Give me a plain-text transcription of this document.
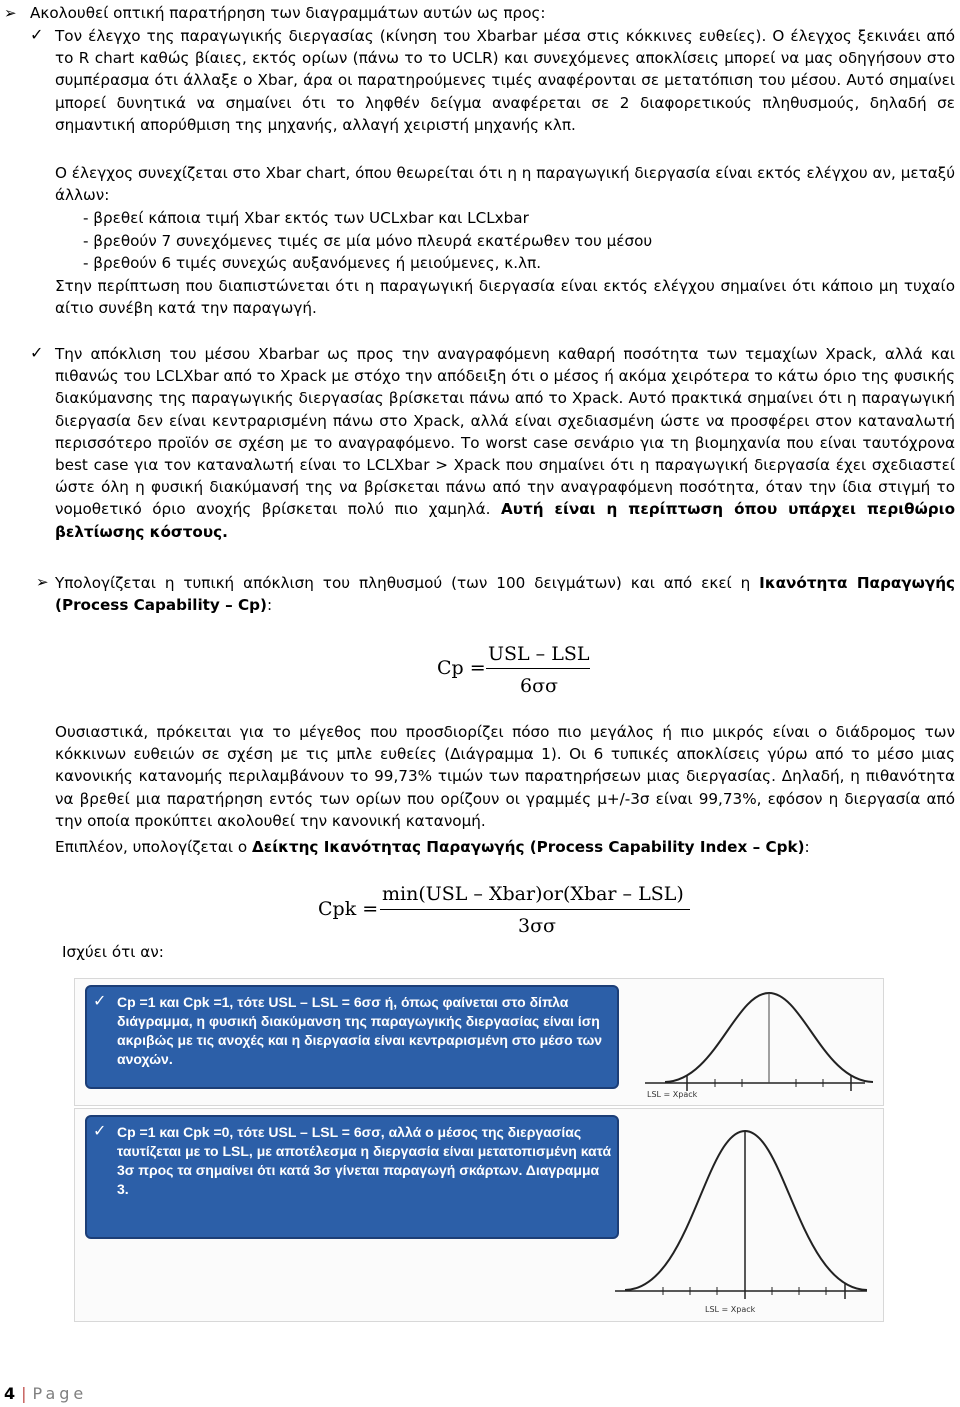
➢ Ακολουθεί οπτική παρατήρηση των διαγραμμάτων αυτών ως προς:

✓ Τον έλεγχο της παραγωγικής διεργασίας (κίνηση του Xbarbar μέσα στις κόκκινες ευθείες). Ο έλεγχος ξεκινάει από το R chart καθώς βίαιες, εκτός ορίων (πάνω το το UCLR) και συνεχόμενες αποκλίσεις μπορεί να μας οδηγήσουν στο συμπέρασμα ότι άλλαξε ο Xbar, άρα οι παρατηρούμενες τιμές αναφέρονται σε μετατόπιση του μέσου. Αυτό σημαίνει μπορεί δυνητικά να σημαίνει ότι το ληφθέν δείγμα αναφέρεται σε 2 διαφορετικούς πληθυσμούς, δηλαδή σε σημαντική απορύθμιση της μηχανής, αλλαγή χειριστή μηχανής κλπ.

Ο έλεγχος συνεχίζεται στο Xbar chart, όπου θεωρείται ότι η η παραγωγική διεργασία είναι εκτός ελέγχου αν, μεταξύ άλλων:

- βρεθεί κάποια τιμή Xbar εκτός των UCLxbar και LCLxbar
- βρεθούν 7 συνεχόμενες τιμές σε μία μόνο πλευρά εκατέρωθεν του μέσου
- βρεθούν 6 τιμές συνεχώς αυξανόμενες ή μειούμενες, κ.λπ.

Στην περίπτωση που διαπιστώνεται ότι η παραγωγική διεργασία είναι εκτός ελέγχου σημαίνει ότι κάποιο μη τυχαίο αίτιο συνέβη κατά την παραγωγή.

✓ Την απόκλιση του μέσου Xbarbar ως προς την αναγραφόμενη καθαρή ποσότητα των τεμαχίων Xpack, αλλά και πιθανώς του LCLXbar από το Xpack με στόχο την απόδειξη ότι ο μέσος ή ακόμα χειρότερα το κάτω όριο της φυσικής διακύμανσης της παραγωγικής διεργασίας βρίσκεται πάνω από το Xpack. Αυτό πρακτικά σημαίνει ότι η παραγωγική διεργασία δεν είναι κεντραρισμένη πάνω στο Xpack, αλλά είναι σχεδιασμένη ώστε να προσφέρει στον καταναλωτή περισσότερο προϊόν σε σχέση με το αναγραφόμενο. Το worst case σενάριο για τη βιομηχανία που είναι ταυτόχρονα best case για τον καταναλωτή είναι το LCLXbar > Xpack που σημαίνει ότι η παραγωγική διεργασία έχει σχεδιαστεί ώστε όλη η φυσική διακύμανσή της να βρίσκεται πάνω από την αναγραφόμενη ποσότητα, όταν την ίδια στιγμή το νομοθετικό όριο ανοχής βρίσκεται πολύ πιο χαμηλά. Αυτή είναι η περίπτωση όπου υπάρχει περιθώριο βελτίωσης κόστους.

➢ Υπολογίζεται η τυπική απόκλιση του πληθυσμού (των 100 δειγμάτων) και από εκεί η Ικανότητα Παραγωγής (Process Capability – Cp):

Cp =
USL – LSL
6σσ

Ουσιαστικά, πρόκειται για το μέγεθος που προσδιορίζει πόσο πιο μεγάλος ή πιο μικρός είναι ο διάδρομος των κόκκινων ευθειών σε σχέση με τις μπλε ευθείες (Διάγραμμα 1). Οι 6 τυπικές αποκλίσεις γύρω από το μέσο μιας κανονικής κατανομής περιλαμβάνουν το 99,73% τιμών των παρατηρήσεων μιας διεργασίας. Δηλαδή, η πιθανότητα να βρεθεί μια παρατήρηση εντός των ορίων που ορίζουν οι γραμμές μ+/-3σ είναι 99,73%, εφόσον η διεργασία από την οποία προκύπτει ακολουθεί την κανονική κατανομή.

Επιπλέον, υπολογίζεται ο Δείκτης Ικανότητας Παραγωγής (Process Capability Index – Cpk):

Cpk =
min(USL – Xbar)or(Xbar – LSL)
3σσ

Ισχύει ότι αν:

✓ Cp =1 και Cpk =1, τότε USL – LSL = 6σσ ή, όπως φαίνεται στο δίπλα διάγραμμα, η φυσική διακύμανση της παραγωγικής διεργασίας είναι ίση ακριβώς με τις ανοχές και η διεργασία είναι κεντραρισμένη στο μέσο των ανοχών.
LSL = Xpack
✓ Cp =1 και Cpk =0, τότε USL – LSL = 6σσ, αλλά ο μέσος της διεργασίας ταυτίζεται με το LSL, με αποτέλεσμα η διεργασία είναι μετατοπισμένη κατά 3σ προς τα σημαίνει ότι κατά 3σ γίνεται παραγωγή σκάρτων. Διαγραμμα 3.
LSL = Xpack
4 | Page
